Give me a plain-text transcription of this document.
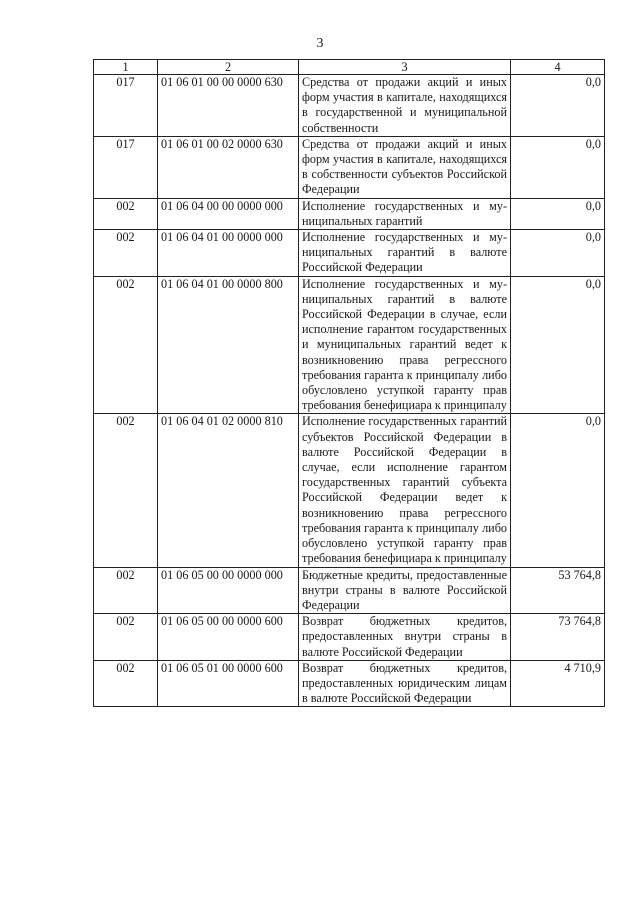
3
1	2	3	4
017	01 06 01 00 00 0000 630	Средства от продажи акций и иных форм участия в капитале, находящихся в государственной и муниципальной собственности	0,0
017	01 06 01 00 02 0000 630	Средства от продажи акций и иных форм участия в капитале, находящихся в собственности субъектов Российской Федерации	0,0
002	01 06 04 00 00 0000 000	Исполнение государственных и муниципальных гарантий	0,0
002	01 06 04 01 00 0000 000	Исполнение государственных и муниципальных гарантий в валюте Российской Федерации	0,0
002	01 06 04 01 00 0000 800	Исполнение государственных и муниципальных гарантий в валюте Российской Федерации в случае, если исполнение гарантом государственных и муниципальных гарантий ведет к возникновению права регрессного требования гаранта к принципалу либо обусловлено уступкой гаранту прав требования бенефициара к принципалу	0,0
002	01 06 04 01 02 0000 810	Исполнение государственных гарантий субъектов Российской Федерации в валюте Российской Федерации в случае, если исполнение гарантом государственных гарантий субъекта Российской Федерации ведет к возникновению права регрессного требования гаранта к принципалу либо обусловлено уступкой гаранту прав требования бенефициара к принципалу	0,0
002	01 06 05 00 00 0000 000	Бюджетные кредиты, предоставленные внутри страны в валюте Российской Федерации	53 764,8
002	01 06 05 00 00 0000 600	Возврат бюджетных кредитов, предоставленных внутри страны в валюте Российской Федерации	73 764,8
002	01 06 05 01 00 0000 600	Возврат бюджетных кредитов, предоставленных юридическим лицам в валюте Российской Федерации	4 710,9
